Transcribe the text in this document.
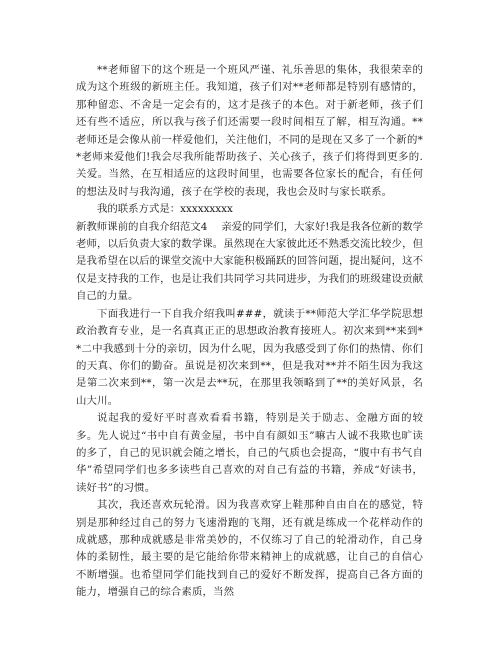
**老师留下的这个班是一个班风严谨、礼乐善思的集体，我很荣幸的成为这个班级的新班主任。我知道，孩子们对**老师都是特别有感情的，那种留恋、不舍是一定会有的，这才是孩子的本色。对于新老师，孩子们还有些不适应，所以我与孩子们还需要一段时间相互了解，相互沟通。**老师还是会像从前一样爱他们，关注他们，不同的是现在又多了一个新的**老师来爱他们!我会尽我所能帮助孩子、关心孩子，孩子们将得到更多的. 关爱。当然，在互相适应的这段时间里，也需要各位家长的配合，有任何的想法及时与我沟通，孩子在学校的表现，我也会及时与家长联系。

我的联系方式是：xxxxxxxxx

新教师课前的自我介绍范文4 亲爱的同学们，大家好!我是我各位新的数学老师，以后负责大家的数学课。虽然现在大家彼此还不熟悉交流比较少，但是我希望在以后的课堂交流中大家能积极踊跃的回答问题，提出疑问，这不仅是支持我的工作，也是让我们共同学习共同进步，为我们的班级建设贡献自己的力量。

下面我进行一下自我介绍我叫###，就读于**师范大学汇华学院思想政治教育专业，是一名真真正正的思想政治教育接班人。初次来到**来到**二中我感到十分的亲切，因为什么呢，因为我感受到了你们的热情、你们的天真、你们的勤奋。虽说是初次来到**，但是我对**并不陌生因为我这是第二次来到**，第一次是去**玩，在那里我领略到了**的美好风景，名山大川。

说起我的爱好平时喜欢看看书籍，特别是关于励志、金融方面的较多。先人说过“书中自有黄金屋，书中自有颜如玉”嘛古人诚不我欺也旷读的多了，自己的见识就会随之增长，自己的气质也会提高，“腹中有书气自华”希望同学们也多多读些自己喜欢的对自己有益的书籍，养成“好读书，读好书”的习惯。

其次，我还喜欢玩轮滑。因为我喜欢穿上鞋那种自由自在的感觉，特别是那种经过自己的努力飞速滑跑的飞翔，还有就是练成一个花样动作的成就感，那种成就感是非常美妙的，不仅练习了自己的轮滑动作，自己身体的柔韧性，最主要的是它能给你带来精神上的成就感，让自己的自信心不断增强。也希望同学们能找到自己的爱好不断发挥，提高自己各方面的能力，增强自己的综合素质，当然
